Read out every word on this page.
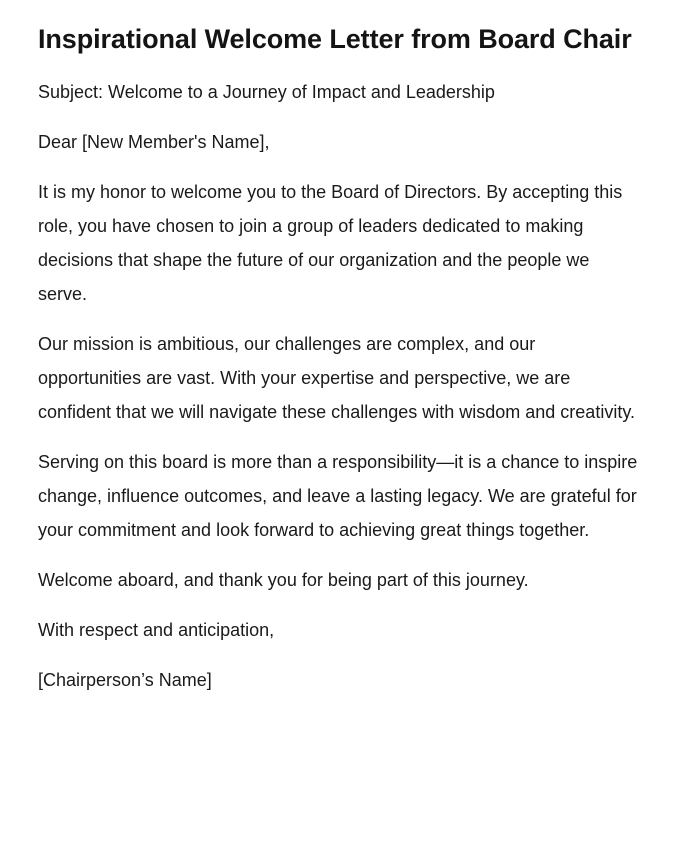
Inspirational Welcome Letter from Board Chair

Subject: Welcome to a Journey of Impact and Leadership

Dear [New Member's Name],

It is my honor to welcome you to the Board of Directors. By accepting this role, you have chosen to join a group of leaders dedicated to making decisions that shape the future of our organization and the people we serve.

Our mission is ambitious, our challenges are complex, and our opportunities are vast. With your expertise and perspective, we are confident that we will navigate these challenges with wisdom and creativity.

Serving on this board is more than a responsibility—it is a chance to inspire change, influence outcomes, and leave a lasting legacy. We are grateful for your commitment and look forward to achieving great things together.

Welcome aboard, and thank you for being part of this journey.

With respect and anticipation,

[Chairperson’s Name]
